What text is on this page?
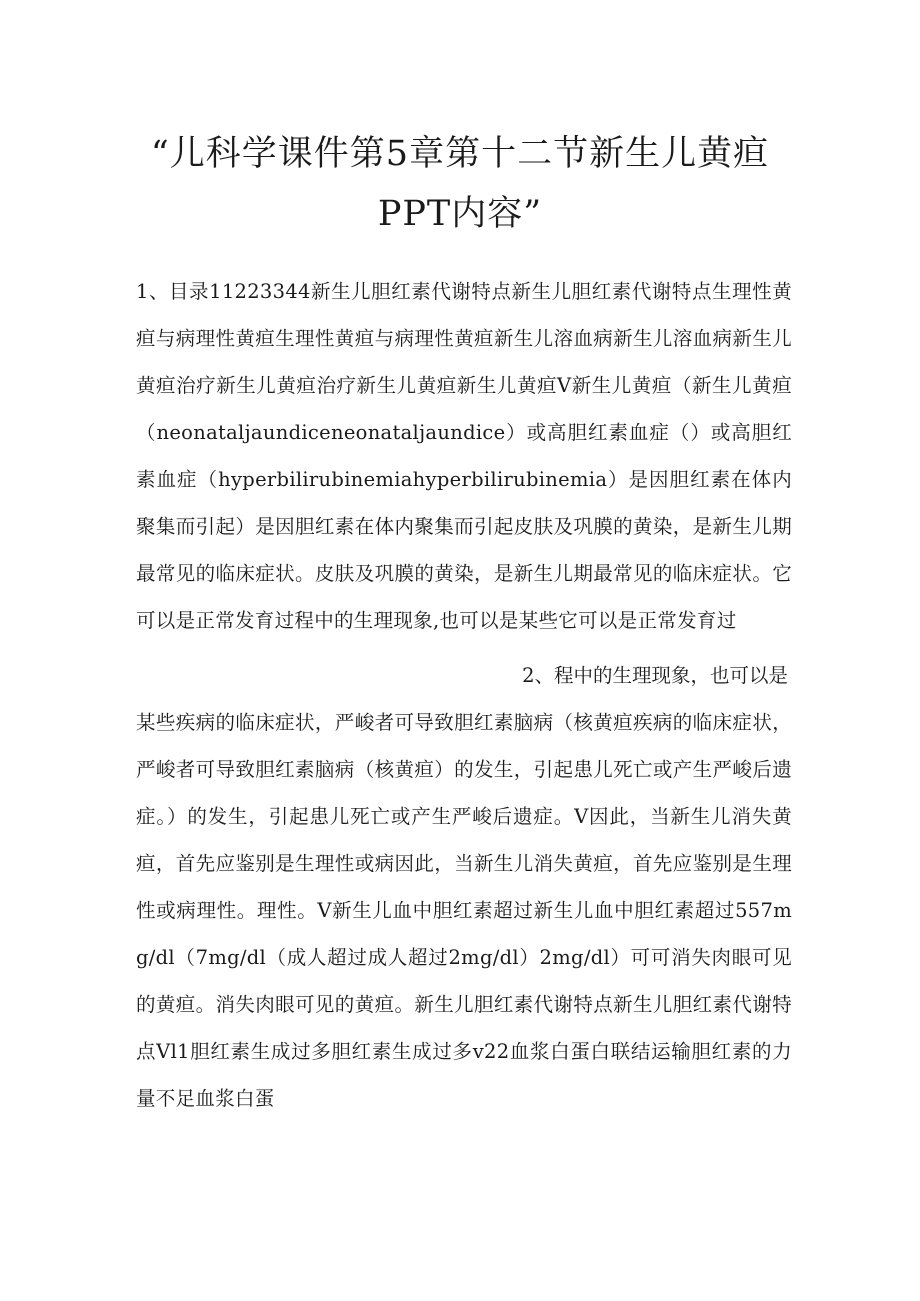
“儿科学课件第5章第十二节新生儿黄疸
PPT内容”

1、目录11223344新生儿胆红素代谢特点新生儿胆红素代谢特点生理性黄疸与病理性黄疸生理性黄疸与病理性黄疸新生儿溶血病新生儿溶血病新生儿黄疸治疗新生儿黄疸治疗新生儿黄疸新生儿黄疸V新生儿黄疸（新生儿黄疸（neonataljaundiceneonataljaundice）或高胆红素血症（）或高胆红素血症（hyperbilirubinemiahyperbilirubinemia）是因胆红素在体内聚集而引起）是因胆红素在体内聚集而引起皮肤及巩膜的黄染，是新生儿期最常见的临床症状。皮肤及巩膜的黄染，是新生儿期最常见的临床症状。它可以是正常发育过程中的生理现象,也可以是某些它可以是正常发育过

2、程中的生理现象，也可以是

某些疾病的临床症状，严峻者可导致胆红素脑病（核黄疸疾病的临床症状，严峻者可导致胆红素脑病（核黄疸）的发生，引起患儿死亡或产生严峻后遗症。）的发生，引起患儿死亡或产生严峻后遗症。V因此，当新生儿消失黄疸，首先应鉴别是生理性或病因此，当新生儿消失黄疸，首先应鉴别是生理性或病理性。理性。V新生儿血中胆红素超过新生儿血中胆红素超过557mg∕dl（7mg∕dl（成人超过成人超过2mg∕dl）2mg∕dl）可可消失肉眼可见的黄疸。消失肉眼可见的黄疸。新生儿胆红素代谢特点新生儿胆红素代谢特点Vl1胆红素生成过多胆红素生成过多v22血浆白蛋白联结运输胆红素的力量不足血浆白蛋
